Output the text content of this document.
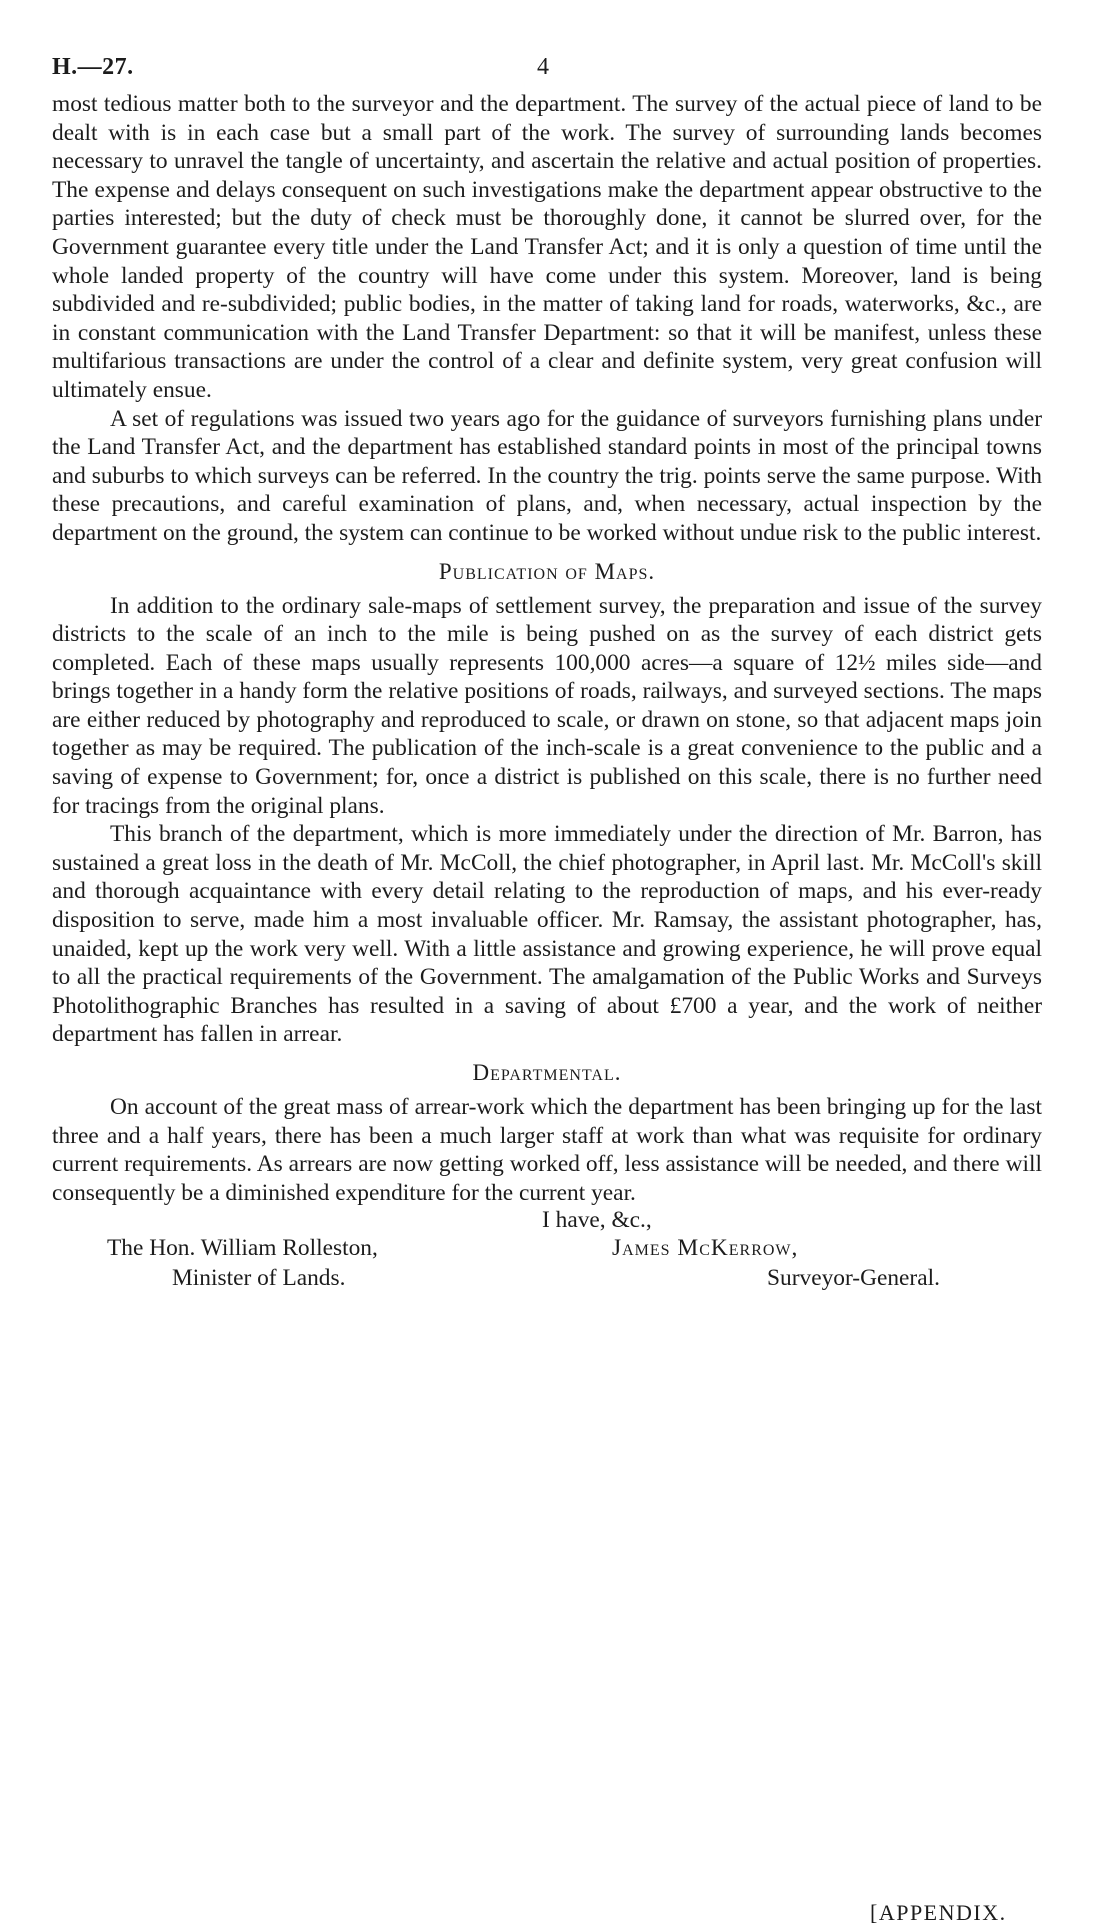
H.—27.	4

most tedious matter both to the surveyor and the department. The survey of the actual piece of land to be dealt with is in each case but a small part of the work. The survey of surrounding lands becomes necessary to unravel the tangle of uncertainty, and ascertain the relative and actual position of properties. The expense and delays consequent on such investigations make the department appear obstructive to the parties interested; but the duty of check must be thoroughly done, it cannot be slurred over, for the Government guarantee every title under the Land Transfer Act; and it is only a question of time until the whole landed property of the country will have come under this system. Moreover, land is being subdivided and re-subdivided; public bodies, in the matter of taking land for roads, waterworks, &c., are in constant communication with the Land Transfer Department: so that it will be manifest, unless these multifarious transactions are under the control of a clear and definite system, very great confusion will ultimately ensue.

A set of regulations was issued two years ago for the guidance of surveyors furnishing plans under the Land Transfer Act, and the department has established standard points in most of the principal towns and suburbs to which surveys can be referred. In the country the trig. points serve the same purpose. With these precautions, and careful examination of plans, and, when necessary, actual inspection by the department on the ground, the system can continue to be worked without undue risk to the public interest.

Publication of Maps.

In addition to the ordinary sale-maps of settlement survey, the preparation and issue of the survey districts to the scale of an inch to the mile is being pushed on as the survey of each district gets completed. Each of these maps usually represents 100,000 acres—a square of 12½ miles side—and brings together in a handy form the relative positions of roads, railways, and surveyed sections. The maps are either reduced by photography and reproduced to scale, or drawn on stone, so that adjacent maps join together as may be required. The publication of the inch-scale is a great convenience to the public and a saving of expense to Government; for, once a district is published on this scale, there is no further need for tracings from the original plans.

This branch of the department, which is more immediately under the direction of Mr. Barron, has sustained a great loss in the death of Mr. McColl, the chief photographer, in April last. Mr. McColl's skill and thorough acquaintance with every detail relating to the reproduction of maps, and his ever-ready disposition to serve, made him a most invaluable officer. Mr. Ramsay, the assistant photographer, has, unaided, kept up the work very well. With a little assistance and growing experience, he will prove equal to all the practical requirements of the Government. The amalgamation of the Public Works and Surveys Photolithographic Branches has resulted in a saving of about £700 a year, and the work of neither department has fallen in arrear.

Departmental.

On account of the great mass of arrear-work which the department has been bringing up for the last three and a half years, there has been a much larger staff at work than what was requisite for ordinary current requirements. As arrears are now getting worked off, less assistance will be needed, and there will consequently be a diminished expenditure for the current year.

I have, &c.,
The Hon. William Rolleston,	James McKerrow,
Minister of Lands.	Surveyor-General.
[APPENDIX.
